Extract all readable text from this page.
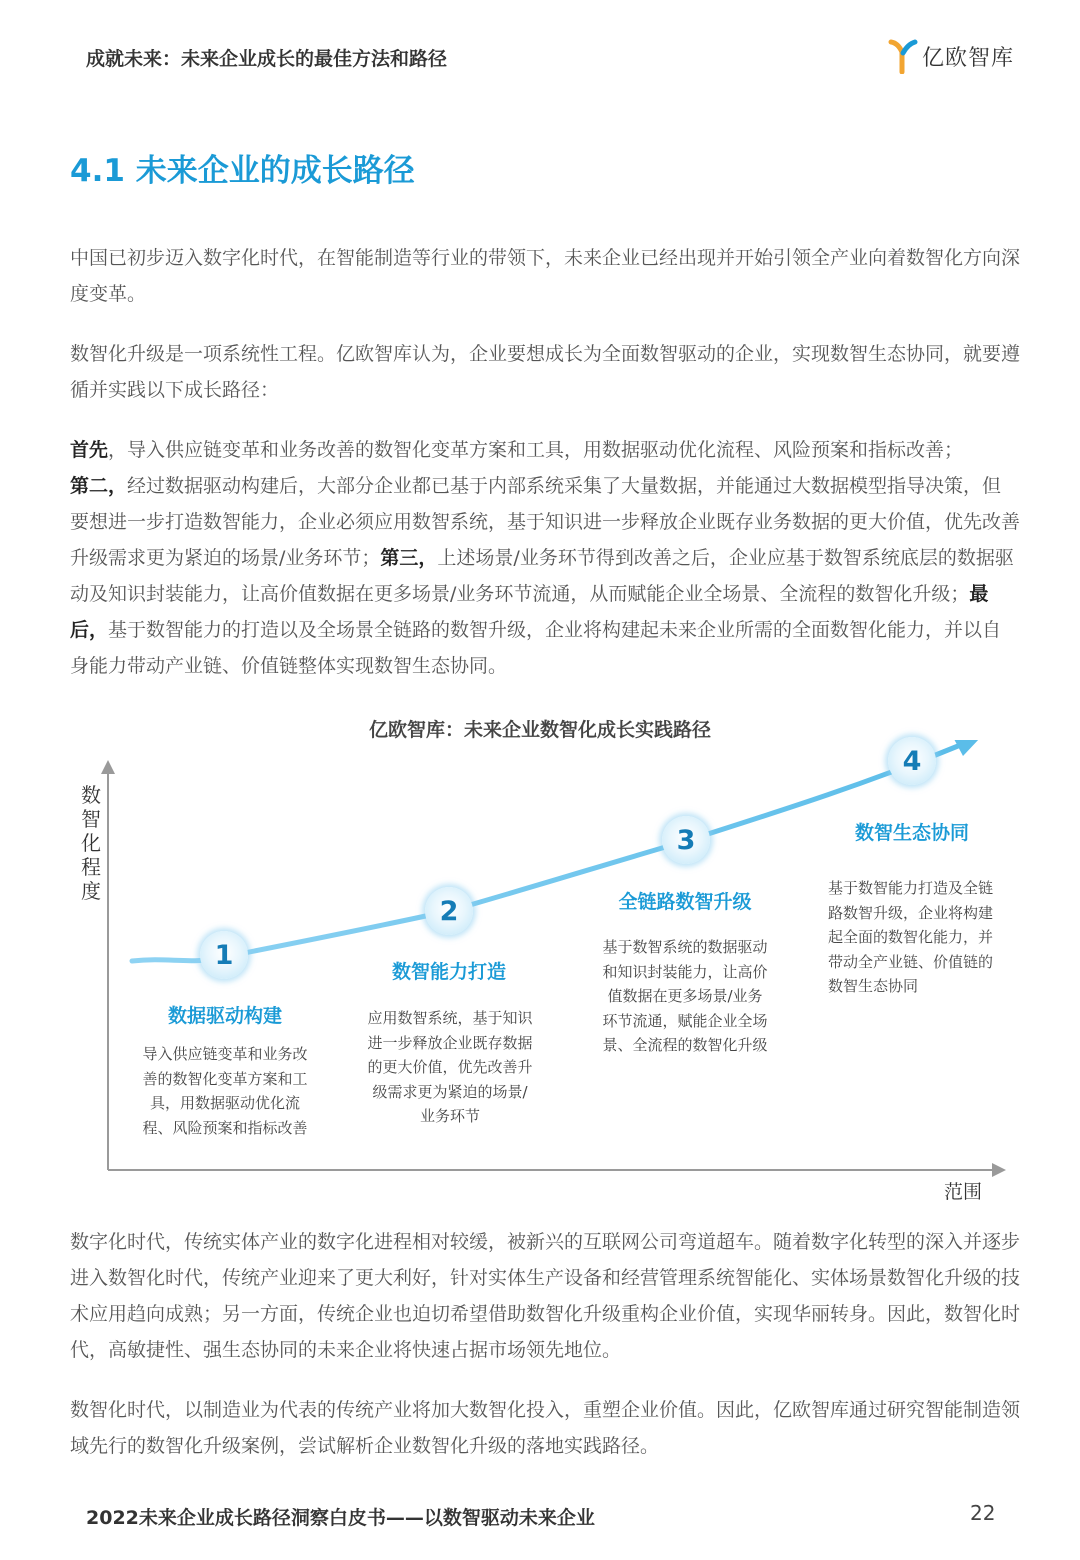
成就未来：未来企业成长的最佳方法和路径	亿欧智库
4.1 未来企业的成长路径

中国已初步迈入数字化时代，在智能制造等行业的带领下，未来企业已经出现并开始引领全产业向着数智化方向深度变革。

数智化升级是一项系统性工程。亿欧智库认为，企业要想成长为全面数智驱动的企业，实现数智生态协同，就要遵循并实践以下成长路径：

首先，导入供应链变革和业务改善的数智化变革方案和工具，用数据驱动优化流程、风险预案和指标改善；
第二，经过数据驱动构建后，大部分企业都已基于内部系统采集了大量数据，并能通过大数据模型指导决策，但要想进一步打造数智能力，企业必须应用数智系统，基于知识进一步释放企业既存业务数据的更大价值，优先改善升级需求更为紧迫的场景/业务环节；第三，上述场景/业务环节得到改善之后，企业应基于数智系统底层的数据驱动及知识封装能力，让高价值数据在更多场景/业务环节流通，从而赋能企业全场景、全流程的数智化升级；最后，基于数智能力的打造以及全场景全链路的数智升级，企业将构建起未来企业所需的全面数智化能力，并以自身能力带动产业链、价值链整体实现数智生态协同。

亿欧智库：未来企业数智化成长实践路径
数智化程度
范围
1
数据驱动构建
导入供应链变革和业务改善的数智化变革方案和工具，用数据驱动优化流程、风险预案和指标改善
2
数智能力打造
应用数智系统，基于知识进一步释放企业既存数据的更大价值，优先改善升级需求更为紧迫的场景/业务环节
3
全链路数智升级
基于数智系统的数据驱动和知识封装能力，让高价值数据在更多场景/业务环节流通，赋能企业全场景、全流程的数智化升级
4
数智生态协同
基于数智能力打造及全链路数智升级，企业将构建起全面的数智化能力，并带动全产业链、价值链的数智生态协同

数字化时代，传统实体产业的数字化进程相对较缓，被新兴的互联网公司弯道超车。随着数字化转型的深入并逐步进入数智化时代，传统产业迎来了更大利好，针对实体生产设备和经营管理系统智能化、实体场景数智化升级的技术应用趋向成熟；另一方面，传统企业也迫切希望借助数智化升级重构企业价值，实现华丽转身。因此，数智化时代，高敏捷性、强生态协同的未来企业将快速占据市场领先地位。

数智化时代，以制造业为代表的传统产业将加大数智化投入，重塑企业价值。因此，亿欧智库通过研究智能制造领域先行的数智化升级案例，尝试解析企业数智化升级的落地实践路径。

2022未来企业成长路径洞察白皮书——以数智驱动未来企业	22
